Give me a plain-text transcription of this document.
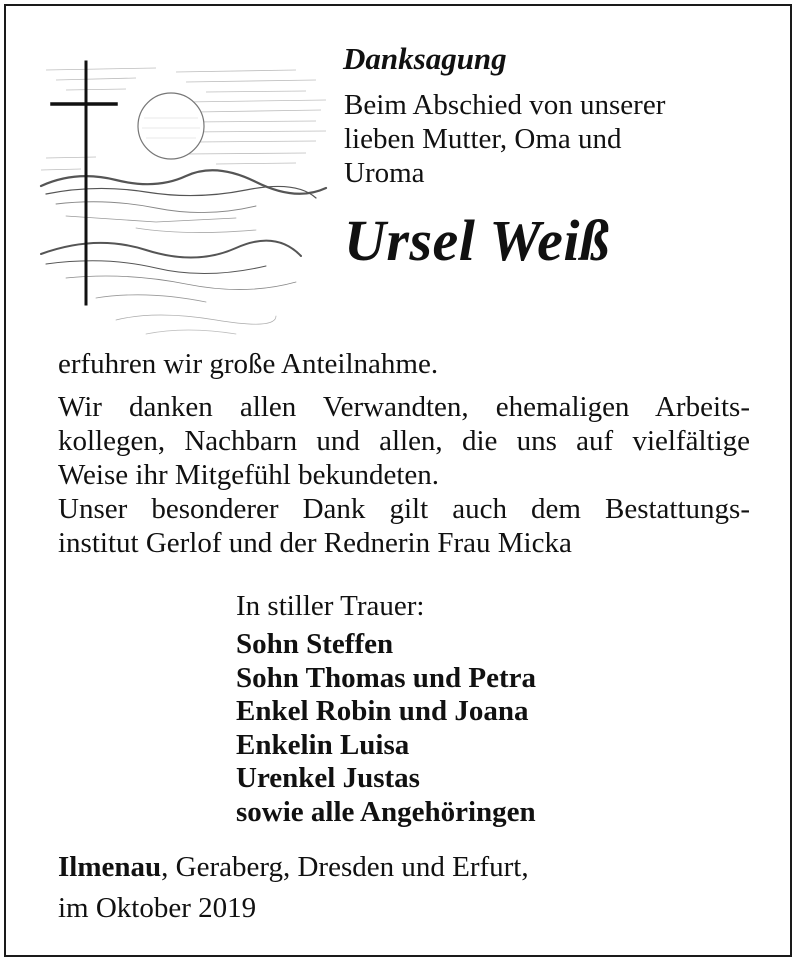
Danksagung
Beim Abschied von unserer
lieben Mutter, Oma und
Uroma
Ursel Weiß
erfuhren wir große Anteilnahme.
Wir danken allen Verwandten, ehemaligen Arbeits-
kollegen, Nachbarn und allen, die uns auf vielfältige
Weise ihr Mitgefühl bekundeten.
Unser besonderer Dank gilt auch dem Bestattungs-
institut Gerlof und der Rednerin Frau Micka
In stiller Trauer:
Sohn Steffen
Sohn Thomas und Petra
Enkel Robin und Joana
Enkelin Luisa
Urenkel Justas
sowie alle Angehöringen
Ilmenau, Geraberg, Dresden und Erfurt,
im Oktober 2019
